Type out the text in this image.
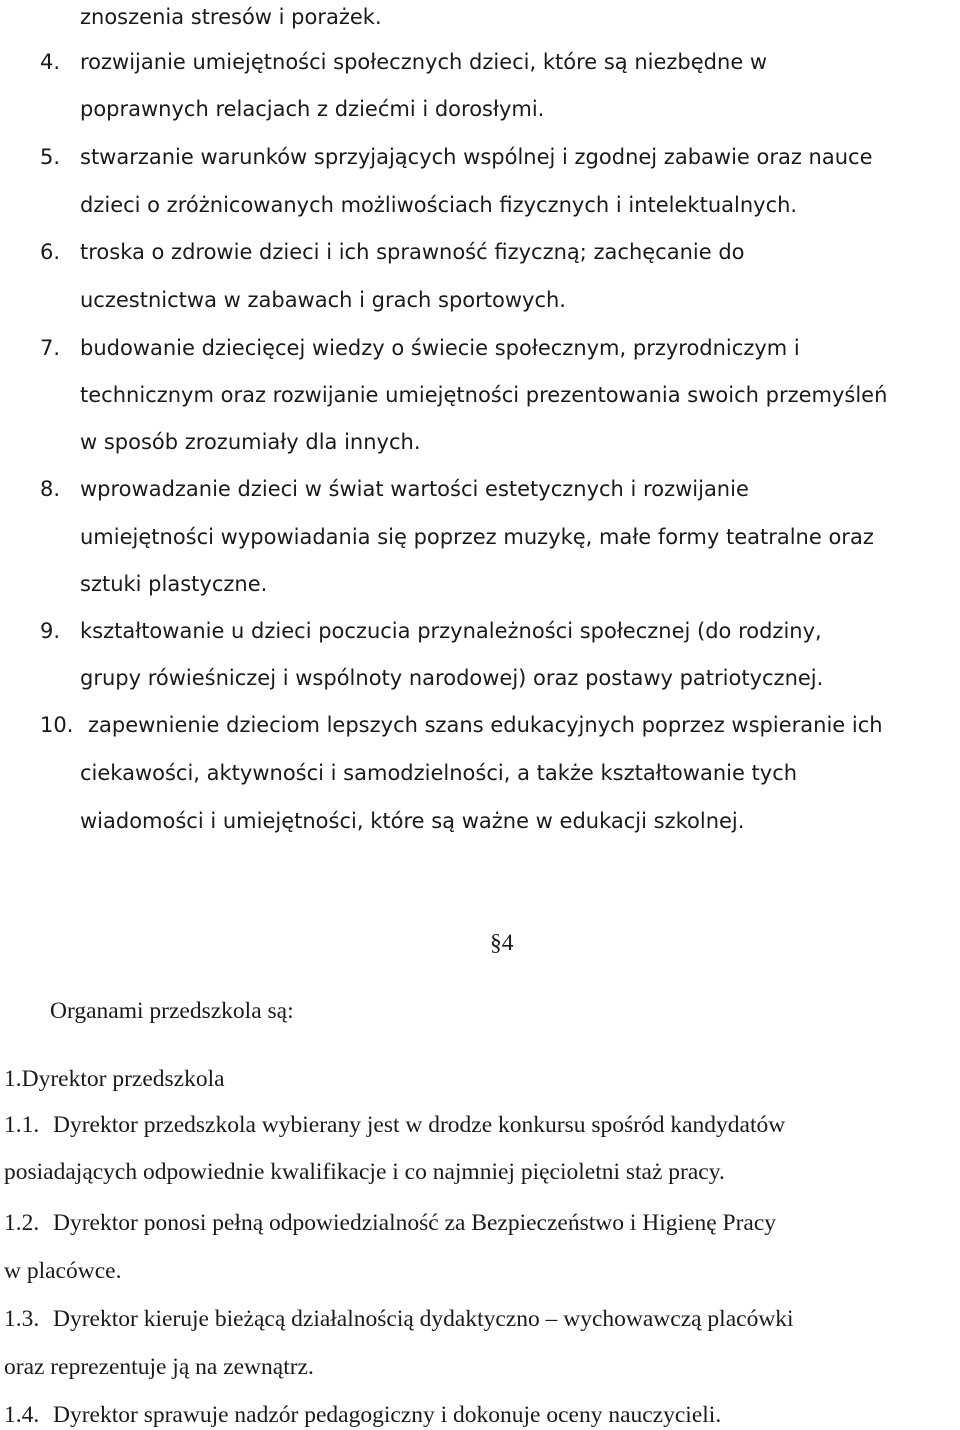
znoszenia stresów i porażek.
4. rozwijanie umiejętności społecznych dzieci, które są niezbędne w
poprawnych relacjach z dziećmi i dorosłymi.
5. stwarzanie warunków sprzyjających wspólnej i zgodnej zabawie oraz nauce
dzieci o zróżnicowanych możliwościach fizycznych i intelektualnych.
6. troska o zdrowie dzieci i ich sprawność fizyczną; zachęcanie do
uczestnictwa w zabawach i grach sportowych.
7. budowanie dziecięcej wiedzy o świecie społecznym, przyrodniczym i
technicznym oraz rozwijanie umiejętności prezentowania swoich przemyśleń
w sposób zrozumiały dla innych.
8. wprowadzanie dzieci w świat wartości estetycznych i rozwijanie
umiejętności wypowiadania się poprzez muzykę, małe formy teatralne oraz
sztuki plastyczne.
9. kształtowanie u dzieci poczucia przynależności społecznej (do rodziny,
grupy rówieśniczej i wspólnoty narodowej) oraz postawy patriotycznej.
10. zapewnienie dzieciom lepszych szans edukacyjnych poprzez wspieranie ich
ciekawości, aktywności i samodzielności, a także kształtowanie tych
wiadomości i umiejętności, które są ważne w edukacji szkolnej.
§4
Organami przedszkola są:
1.Dyrektor przedszkola
1.1. Dyrektor przedszkola wybierany jest w drodze konkursu spośród kandydatów
posiadających odpowiednie kwalifikacje i co najmniej pięcioletni staż pracy.
1.2. Dyrektor ponosi pełną odpowiedzialność za Bezpieczeństwo i Higienę Pracy
w placówce.
1.3. Dyrektor kieruje bieżącą działalnością dydaktyczno – wychowawczą placówki
oraz reprezentuje ją na zewnątrz.
1.4. Dyrektor sprawuje nadzór pedagogiczny i dokonuje oceny nauczycieli.
